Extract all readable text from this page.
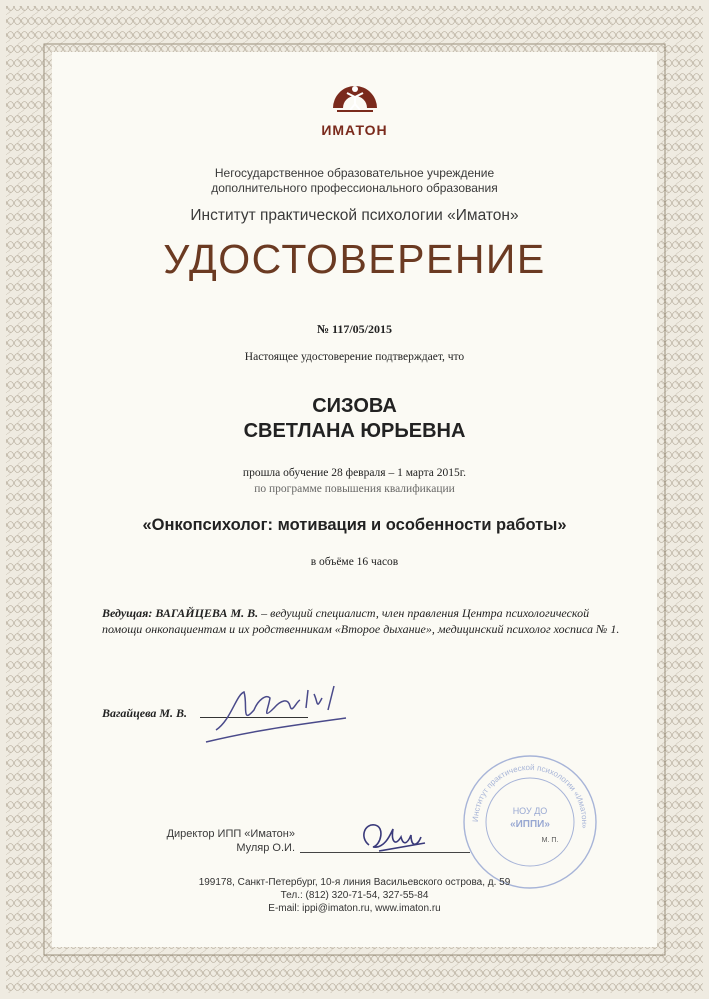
ИМАТОН
Негосударственное образовательное учреждение
дополнительного профессионального образования
Институт практической психологии «Иматон»
УДОСТОВЕРЕНИЕ
№ 117/05/2015
Настоящее удостоверение подтверждает, что
СИЗОВА
СВЕТЛАНА ЮРЬЕВНА
прошла обучение 28 февраля – 1 марта 2015г.
по программе повышения квалификации
«Онкопсихолог: мотивация и особенности работы»
в объёме 16 часов
Ведущая: ВАГАЙЦЕВА М. В. – ведущий специалист, член правления Центра психологической помощи онкопациентам и их родственникам «Второе дыхание», медицинский психолог хосписа № 1.
Вагайцева М. В.
Директор ИПП «Иматон»
Муляр О.И.
Институт практической психологии «Иматон»
НОУ ДО
«ИППИ»
М. П.
199178, Санкт-Петербург, 10-я линия Васильевского острова, д. 59
Тел.: (812) 320-71-54, 327-55-84
E-mail: ippi@imaton.ru, www.imaton.ru
